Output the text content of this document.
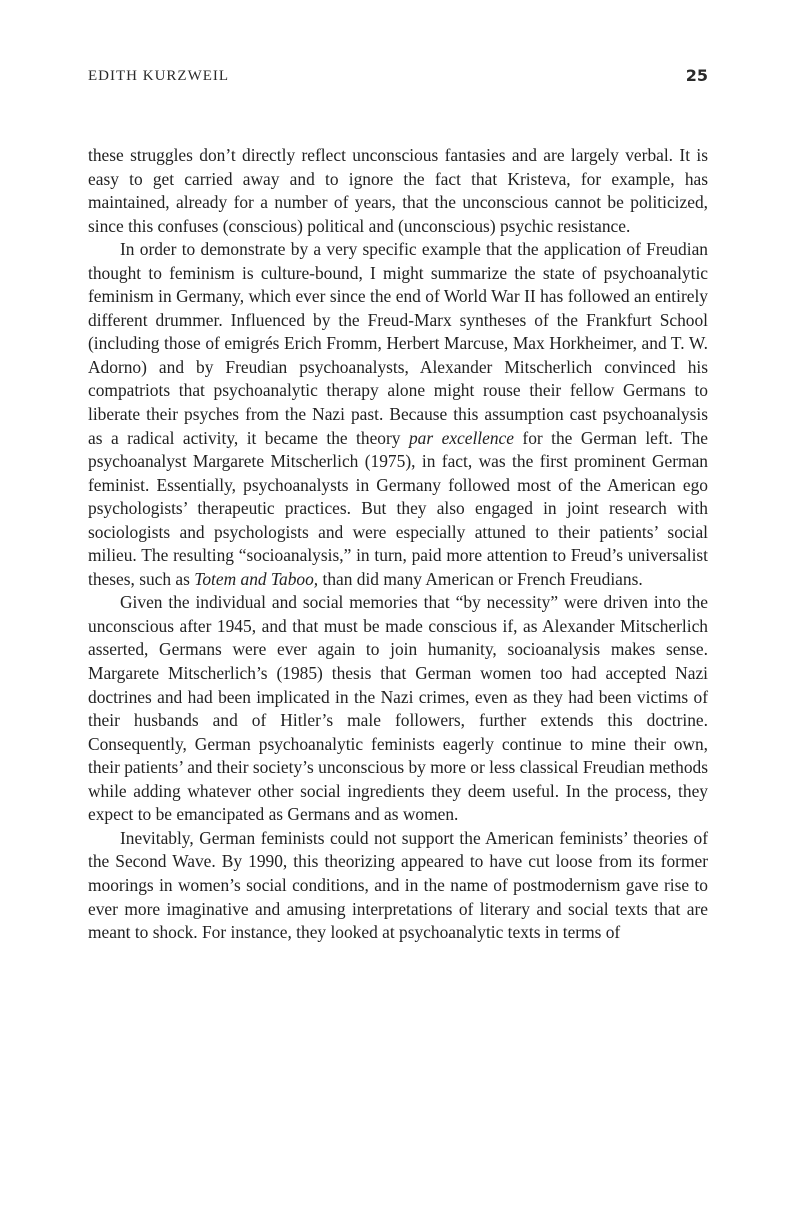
EDITH KURZWEIL	25

these struggles don’t directly reflect unconscious fantasies and are largely verbal. It is easy to get carried away and to ignore the fact that Kristeva, for example, has maintained, already for a number of years, that the unconscious cannot be politicized, since this confuses (conscious) political and (unconscious) psychic resistance.

In order to demonstrate by a very specific example that the application of Freudian thought to feminism is culture-bound, I might summarize the state of psychoanalytic feminism in Germany, which ever since the end of World War II has followed an entirely different drummer. Influenced by the Freud-Marx syntheses of the Frankfurt School (including those of emigrés Erich Fromm, Herbert Marcuse, Max Horkheimer, and T. W. Adorno) and by Freudian psychoanalysts, Alexander Mitscherlich convinced his compatriots that psychoanalytic therapy alone might rouse their fellow Germans to liberate their psyches from the Nazi past. Because this assumption cast psychoanalysis as a radical activity, it became the theory par excellence for the German left. The psychoanalyst Margarete Mitscherlich (1975), in fact, was the first prominent German feminist. Essentially, psychoanalysts in Germany followed most of the American ego psychologists’ therapeutic practices. But they also engaged in joint research with sociologists and psychologists and were especially attuned to their patients’ social milieu. The resulting “socioanalysis,” in turn, paid more attention to Freud’s universalist theses, such as Totem and Taboo, than did many American or French Freudians.

Given the individual and social memories that “by necessity” were driven into the unconscious after 1945, and that must be made conscious if, as Alexander Mitscherlich asserted, Germans were ever again to join humanity, socioanalysis makes sense. Margarete Mitscherlich’s (1985) thesis that German women too had accepted Nazi doctrines and had been implicated in the Nazi crimes, even as they had been victims of their husbands and of Hitler’s male followers, further extends this doctrine. Consequently, German psychoanalytic feminists eagerly continue to mine their own, their patients’ and their society’s unconscious by more or less classical Freudian methods while adding whatever other social ingredients they deem useful. In the process, they expect to be emancipated as Germans and as women.

Inevitably, German feminists could not support the American feminists’ theories of the Second Wave. By 1990, this theorizing appeared to have cut loose from its former moorings in women’s social conditions, and in the name of postmodernism gave rise to ever more imaginative and amusing interpretations of literary and social texts that are meant to shock. For instance, they looked at psychoanalytic texts in terms of
